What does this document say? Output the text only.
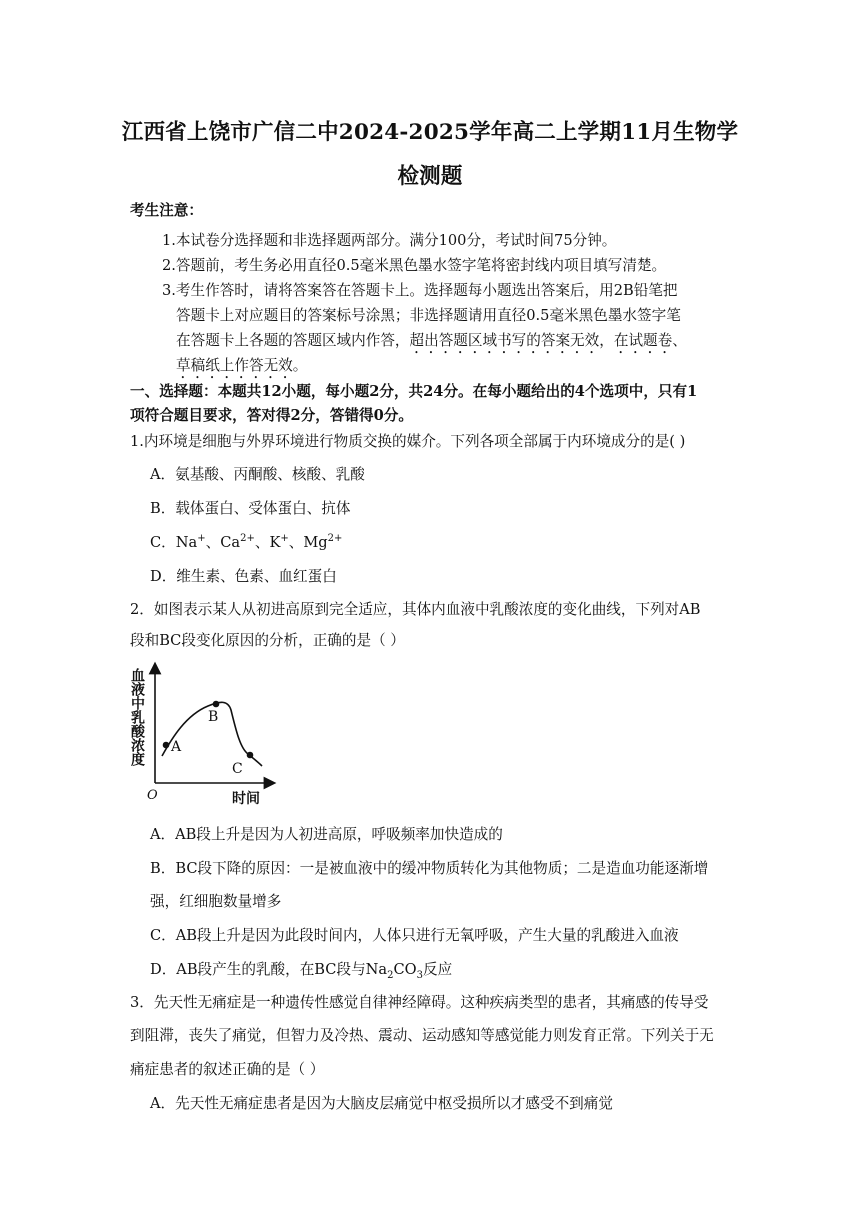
江西省上饶市广信二中2024-2025学年高二上学期11月生物学
检测题
考生注意：
1.本试卷分选择题和非选择题两部分。满分100分，考试时间75分钟。
2.答题前，考生务必用直径0.5毫米黑色墨水签字笔将密封线内项目填写清楚。
3.考生作答时，请将答案答在答题卡上。选择题每小题选出答案后，用2B铅笔把
答题卡上对应题目的答案标号涂黑；非选择题请用直径0.5毫米黑色墨水签字笔
在答题卡上各题的答题区域内作答，超出答题区域书写的答案无效，在试题卷、
草稿纸上作答无效。
一、选择题：本题共12小题，每小题2分，共24分。在每小题给出的4个选项中，只有1
项符合题目要求，答对得2分，答错得0分。
1.内环境是细胞与外界环境进行物质交换的媒介。下列各项全部属于内环境成分的是( )
A．氨基酸、丙酮酸、核酸、乳酸
B．载体蛋白、受体蛋白、抗体
C．Na+、$Ca^{2+}$、K+、$Mg^{2+}$
D．维生素、色素、血红蛋白
2．如图表示某人从初进高原到完全适应，其体内血液中乳酸浓度的变化曲线，下列对AB
段和BC段变化原因的分析，正确的是（ ）
血液中乳酸浓度
时间
O
A
B
C
A．AB段上升是因为人初进高原，呼吸频率加快造成的
B．BC段下降的原因：一是被血液中的缓冲物质转化为其他物质；二是造血功能逐渐增
强，红细胞数量增多
C．AB段上升是因为此段时间内，人体只进行无氧呼吸，产生大量的乳酸进入血液
D．AB段产生的乳酸，在BC段与$Na_2CO_3$反应
3．先天性无痛症是一种遗传性感觉自律神经障碍。这种疾病类型的患者，其痛感的传导受
到阻滞，丧失了痛觉，但智力及冷热、震动、运动感知等感觉能力则发育正常。下列关于无
痛症患者的叙述正确的是（ ）
A．先天性无痛症患者是因为大脑皮层痛觉中枢受损所以才感受不到痛觉
